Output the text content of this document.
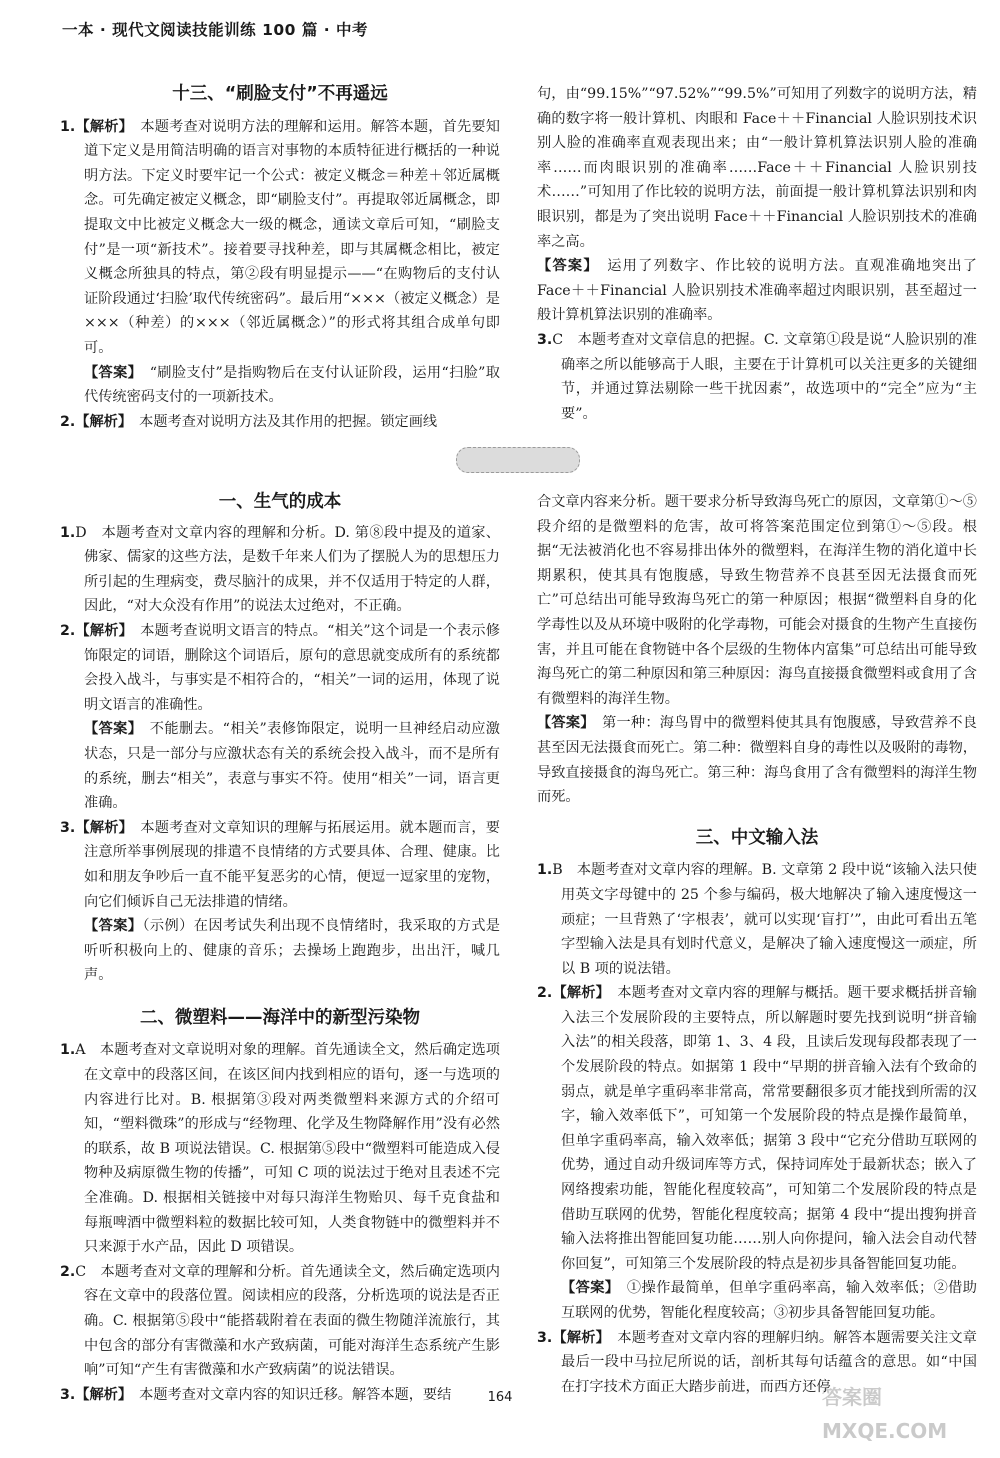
一本 · 现代文阅读技能训练 100 篇 · 中考

十三、“刷脸支付”不再遥远

1.【解析】　 本题考查对说明方法的理解和运用。解答本题，首先要知道下定义是用简洁明确的语言对事物的本质特征进行概括的一种说明方法。下定义时要牢记一个公式：被定义概念＝种差＋邻近属概念。可先确定被定义概念，即“刷脸支付”。再提取邻近属概念，即提取文中比被定义概念大一级的概念，通读文章后可知，“刷脸支付”是一项“新技术”。接着要寻找种差，即与其属概念相比，被定义概念所独具的特点，第②段有明显提示——“在购物后的支付认证阶段通过‘扫脸’取代传统密码”。最后用“×××（被定义概念）是×××（种差）的×××（邻近属概念）”的形式将其组合成单句即可。

【答案】　 “刷脸支付”是指购物后在支付认证阶段，运用“扫脸”取代传统密码支付的一项新技术。

2.【解析】　 本题考查对说明方法及其作用的把握。锁定画线

句，由“99.15%”“97.52%”“99.5%”可知用了列数字的说明方法，精确的数字将一般计算机、肉眼和 Face＋＋Financial 人脸识别技术识别人脸的准确率直观表现出来；由“一般计算机算法识别人脸的准确率……而肉眼识别的准确率……Face＋＋Financial 人脸识别技术……”可知用了作比较的说明方法，前面提一般计算机算法识别和肉眼识别，都是为了突出说明 Face＋＋Financial 人脸识别技术的准确率之高。

【答案】　 运用了列数字、作比较的说明方法。直观准确地突出了 Face＋＋Financial 人脸识别技术准确率超过肉眼识别，甚至超过一般计算机算法识别的准确率。

3.C　本题考查对文章信息的把握。C. 文章第①段是说“人脸识别的准确率之所以能够高于人眼，主要在于计算机可以关注更多的关键细节，并通过算法剔除一些干扰因素”，故选项中的“完全”应为“主要”。

一、生气的成本

1.D　本题考查对文章内容的理解和分析。D. 第⑧段中提及的道家、佛家、儒家的这些方法，是数千年来人们为了摆脱人为的思想压力所引起的生理病变，费尽脑汁的成果，并不仅适用于特定的人群，因此，“对大众没有作用”的说法太过绝对，不正确。

2.【解析】　 本题考查说明文语言的特点。“相关”这个词是一个表示修饰限定的词语，删除这个词语后，原句的意思就变成所有的系统都会投入战斗，与事实是不相符合的，“相关”一词的运用，体现了说明文语言的准确性。

【答案】　 不能删去。“相关”表修饰限定，说明一旦神经启动应激状态，只是一部分与应激状态有关的系统会投入战斗，而不是所有的系统，删去“相关”，表意与事实不符。使用“相关”一词，语言更准确。

3.【解析】　 本题考查对文章知识的理解与拓展运用。就本题而言，要注意所举事例展现的排遣不良情绪的方式要具体、合理、健康。比如和朋友争吵后一直不能平复恶劣的心情，便逗一逗家里的宠物，向它们倾诉自己无法排遣的情绪。

【答案】（示例）在因考试失利出现不良情绪时，我采取的方式是听听积极向上的、健康的音乐；去操场上跑跑步，出出汗，喊几声。

二、微塑料——海洋中的新型污染物

1.A　本题考查对文章说明对象的理解。首先通读全文，然后确定选项在文章中的段落区间，在该区间内找到相应的语句，逐一与选项的内容进行比对。B. 根据第③段对两类微塑料来源方式的介绍可知，“塑料微珠”的形成与“经物理、化学及生物降解作用”没有必然的联系，故 B 项说法错误。C. 根据第⑤段中“微塑料可能造成入侵物种及病原微生物的传播”，可知 C 项的说法过于绝对且表述不完全准确。D. 根据相关链接中对每只海洋生物贻贝、每千克食盐和每瓶啤酒中微塑料粒的数据比较可知，人类食物链中的微塑料并不只来源于水产品，因此 D 项错误。

2.C　本题考查对文章的理解和分析。首先通读全文，然后确定选项内容在文章中的段落位置。阅读相应的段落，分析选项的说法是否正确。C. 根据第⑤段中“能搭载附着在表面的微生物随洋流旅行，其中包含的部分有害微藻和水产致病菌，可能对海洋生态系统产生影响”可知“产生有害微藻和水产致病菌”的说法错误。

3.【解析】　 本题考查对文章内容的知识迁移。解答本题，要结

合文章内容来分析。题干要求分析导致海鸟死亡的原因，文章第①～⑤段介绍的是微塑料的危害，故可将答案范围定位到第①～⑤段。根据“无法被消化也不容易排出体外的微塑料，在海洋生物的消化道中长期累积，使其具有饱腹感，导致生物营养不良甚至因无法摄食而死亡”可总结出可能导致海鸟死亡的第一种原因；根据“微塑料自身的化学毒性以及从环境中吸附的化学毒物，可能会对摄食的生物产生直接伤害，并且可能在食物链中各个层级的生物体内富集”可总结出可能导致海鸟死亡的第二种原因和第三种原因：海鸟直接摄食微塑料或食用了含有微塑料的海洋生物。

【答案】　 第一种：海鸟胃中的微塑料使其具有饱腹感，导致营养不良甚至因无法摄食而死亡。第二种：微塑料自身的毒性以及吸附的毒物，导致直接摄食的海鸟死亡。第三种：海鸟食用了含有微塑料的海洋生物而死。

三、中文输入法

1.B　本题考查对文章内容的理解。B. 文章第 2 段中说“该输入法只使用英文字母键中的 25 个参与编码，极大地解决了输入速度慢这一顽症；一旦背熟了‘字根表’，就可以实现‘盲打’”，由此可看出五笔字型输入法是具有划时代意义，是解决了输入速度慢这一顽症，所以 B 项的说法错。

2.【解析】　 本题考查对文章内容的理解与概括。题干要求概括拼音输入法三个发展阶段的主要特点，所以解题时要先找到说明“拼音输入法”的相关段落，即第 1、3、4 段，且读后发现每段都表现了一个发展阶段的特点。如据第 1 段中“早期的拼音输入法有个致命的弱点，就是单字重码率非常高，常常要翻很多页才能找到所需的汉字，输入效率低下”，可知第一个发展阶段的特点是操作最简单，但单字重码率高，输入效率低；据第 3 段中“它充分借助互联网的优势，通过自动升级词库等方式，保持词库处于最新状态；嵌入了网络搜索功能，智能化程度较高”，可知第二个发展阶段的特点是借助互联网的优势，智能化程度较高；据第 4 段中“提出搜狗拼音输入法将推出智能回复功能……别人向你提问，输入法会自动代替你回复”，可知第三个发展阶段的特点是初步具备智能回复功能。

【答案】　 ①操作最简单，但单字重码率高，输入效率低；②借助互联网的优势，智能化程度较高；③初步具备智能回复功能。

3.【解析】　 本题考查对文章内容的理解归纳。解答本题需要关注文章最后一段中马拉尼所说的话，剖析其每句话蕴含的意思。如“中国在打字技术方面正大踏步前进，而西方还停

164	答案圈
MXQE.COM
